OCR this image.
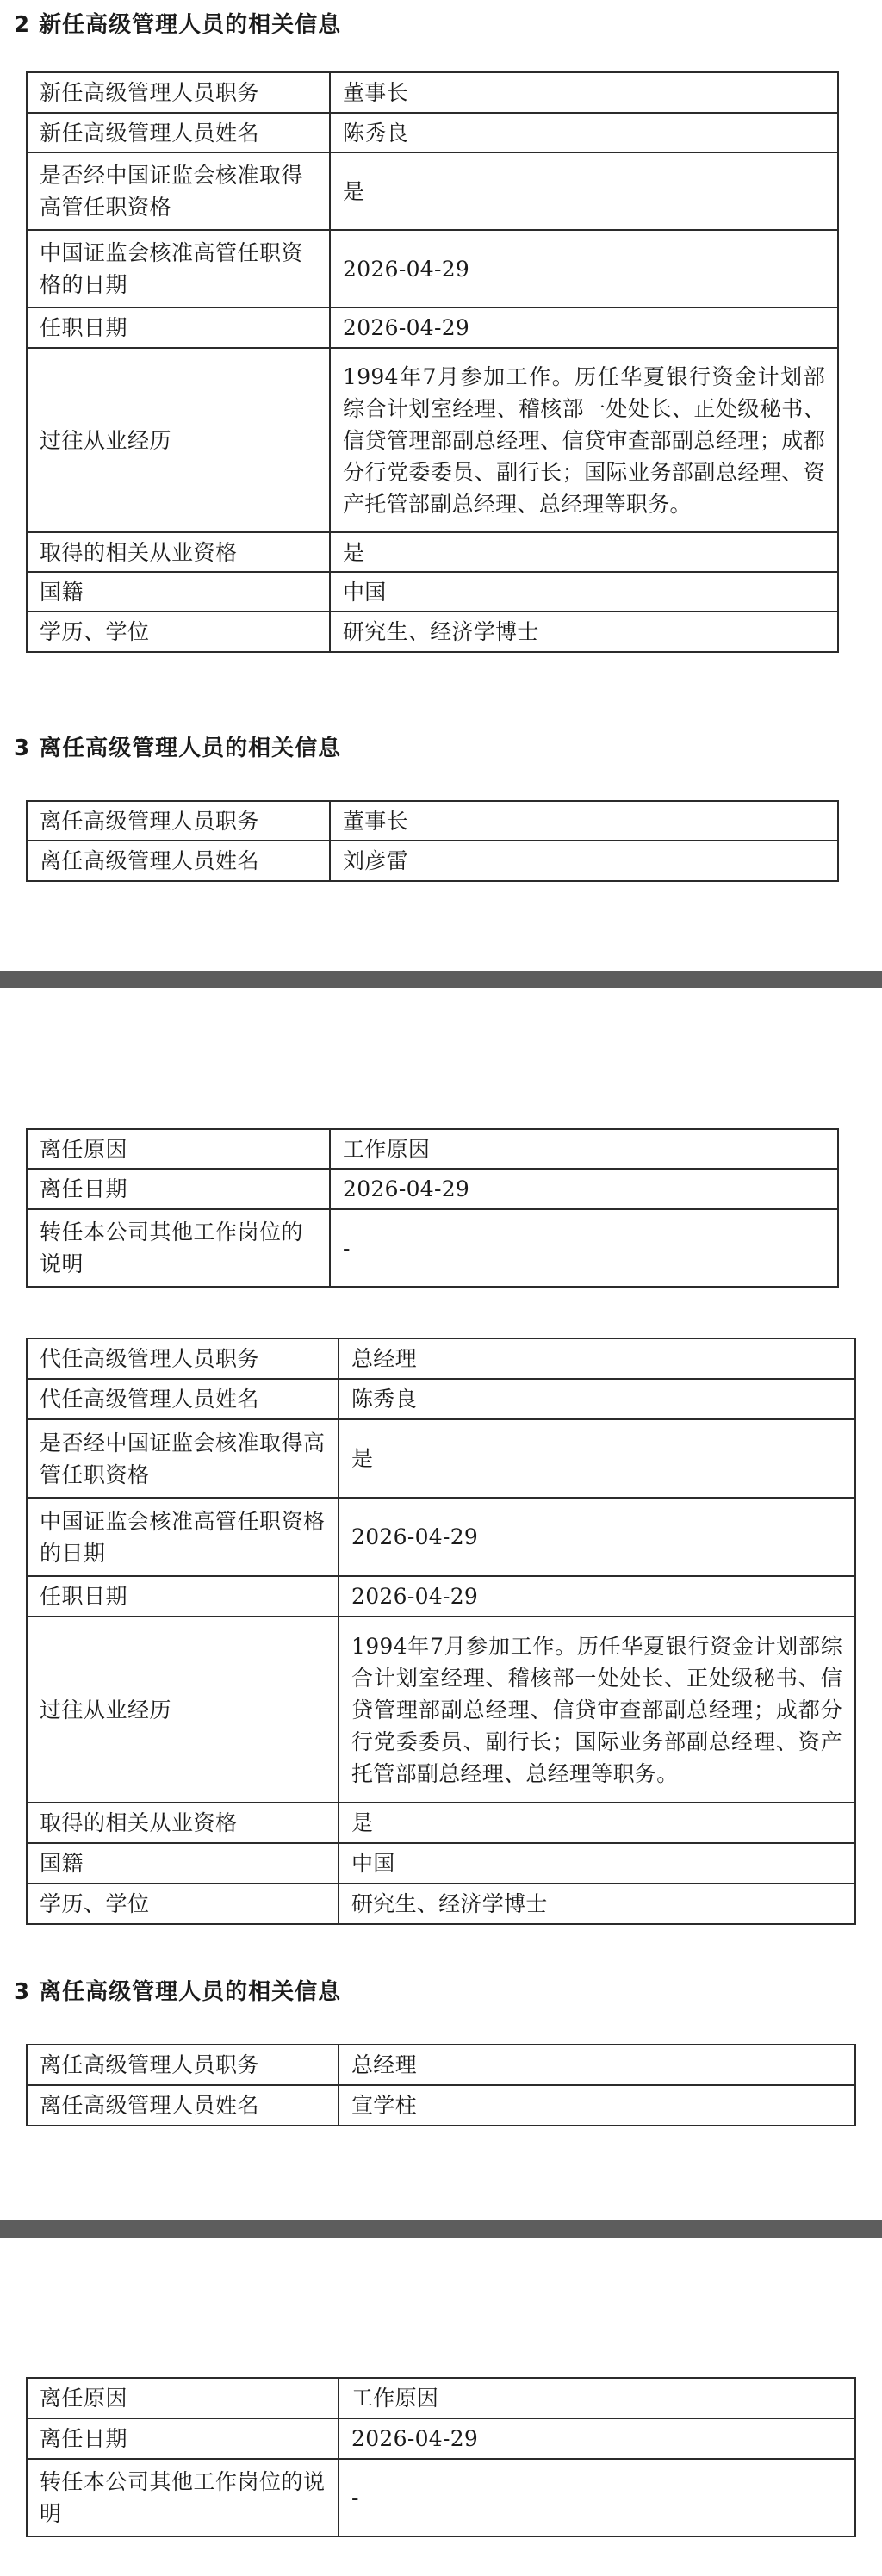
2 新任高级管理人员的相关信息
新任高级管理人员职务	董事长
新任高级管理人员姓名	陈秀良
是否经中国证监会核准取得高管任职资格	是
中国证监会核准高管任职资格的日期	2026-04-29
任职日期	2026-04-29
过往从业经历	1994年7月参加工作。历任华夏银行资金计划部综合计划室经理、稽核部一处处长、正处级秘书、信贷管理部副总经理、信贷审查部副总经理；成都分行党委委员、副行长；国际业务部副总经理、资产托管部副总经理、总经理等职务。
取得的相关从业资格	是
国籍	中国
学历、学位	研究生、经济学博士
3 离任高级管理人员的相关信息
离任高级管理人员职务	董事长
离任高级管理人员姓名	刘彦雷
离任原因	工作原因
离任日期	2026-04-29
转任本公司其他工作岗位的说明	-
代任高级管理人员职务	总经理
代任高级管理人员姓名	陈秀良
是否经中国证监会核准取得高管任职资格	是
中国证监会核准高管任职资格的日期	2026-04-29
任职日期	2026-04-29
过往从业经历	1994年7月参加工作。历任华夏银行资金计划部综合计划室经理、稽核部一处处长、正处级秘书、信贷管理部副总经理、信贷审查部副总经理；成都分行党委委员、副行长；国际业务部副总经理、资产托管部副总经理、总经理等职务。
取得的相关从业资格	是
国籍	中国
学历、学位	研究生、经济学博士
3 离任高级管理人员的相关信息
离任高级管理人员职务	总经理
离任高级管理人员姓名	宣学柱
离任原因	工作原因
离任日期	2026-04-29
转任本公司其他工作岗位的说明	-
